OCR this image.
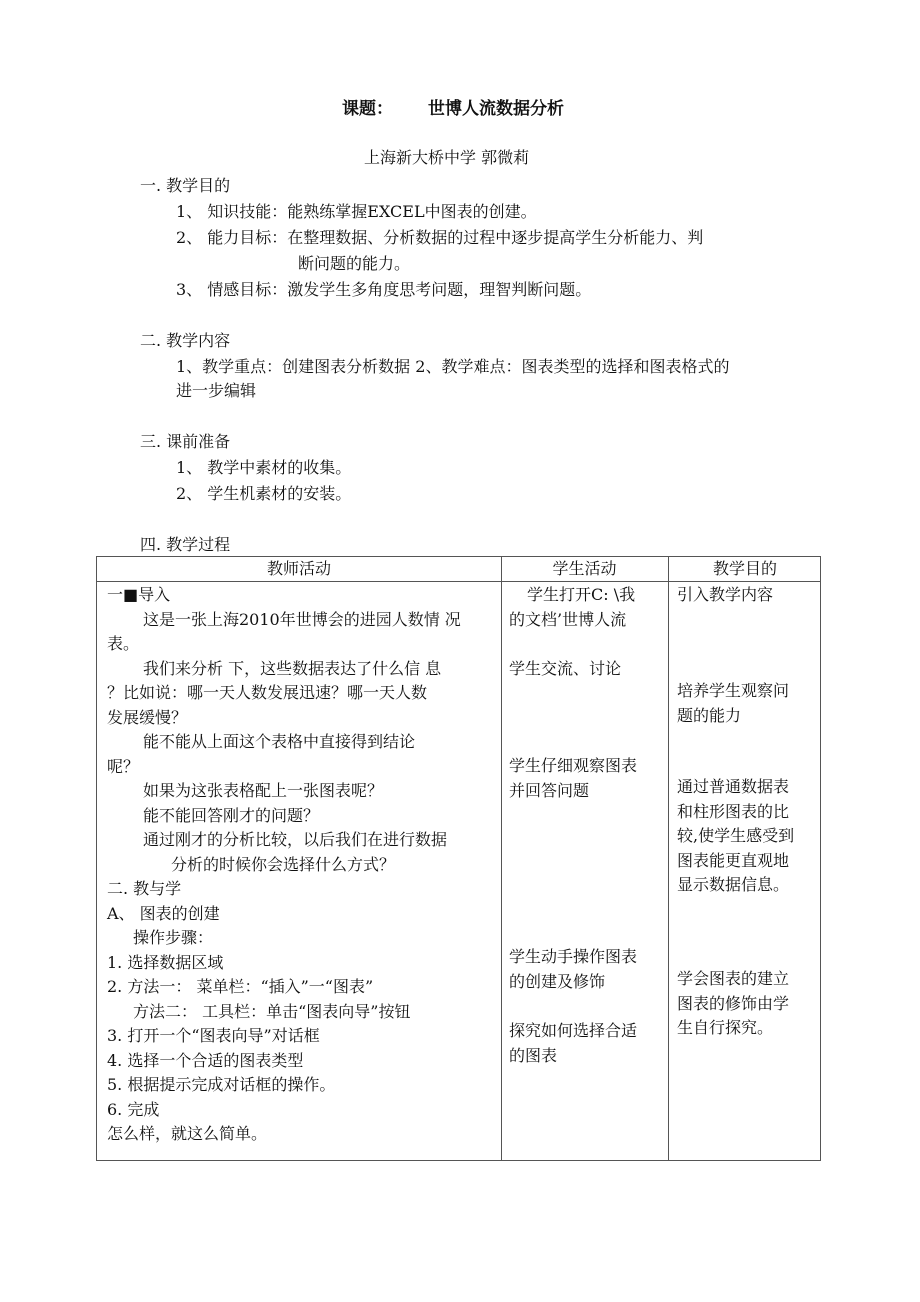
课题： 世博人流数据分析
上海新大桥中学 郭微莉
一. 教学目的
1、 知识技能：能熟练掌握EXCEL中图表的创建。
2、 能力目标：在整理数据、分析数据的过程中逐步提高学生分析能力、判
断问题的能力。
3、 情感目标：激发学生多角度思考问题，理智判断问题。
二. 教学内容
1、教学重点：创建图表分析数据 2、教学难点：图表类型的选择和图表格式的
进一步编辑
三. 课前准备
1、 教学中素材的收集。
2、 学生机素材的安装。
四. 教学过程
教师活动	学生活动	教学目的
一■导入
这是一张上海2010年世博会的进园人数情 况
表。
我们来分析 下，这些数据表达了什么信 息
？比如说：哪一天人数发展迅速？哪一天人数
发展缓慢？
能不能从上面这个表格中直接得到结论
呢？
如果为这张表格配上一张图表呢？
能不能回答刚才的问题？
通过刚才的分析比较，以后我们在进行数据
分析的时候你会选择什么方式？
二. 教与学
A、 图表的创建
操作步骤：
1. 选择数据区域
2. 方法一： 菜单栏：“插入”一“图表”
方法二： 工具栏：单击“图表向导”按钮
3. 打开一个“图表向导”对话框
4. 选择一个合适的图表类型
5. 根据提示完成对话框的操作。
6. 完成
怎么样，就这么简单。
学生打开C: \我
的文档’世博人流
学生交流、讨论
学生仔细观察图表
并回答问题
学生动手操作图表
的创建及修饰
探究如何选择合适
的图表
引入教学内容
培养学生观察问
题的能力
通过普通数据表
和柱形图表的比
较,使学生感受到
图表能更直观地
显示数据信息。
学会图表的建立
图表的修饰由学
生自行探究。
